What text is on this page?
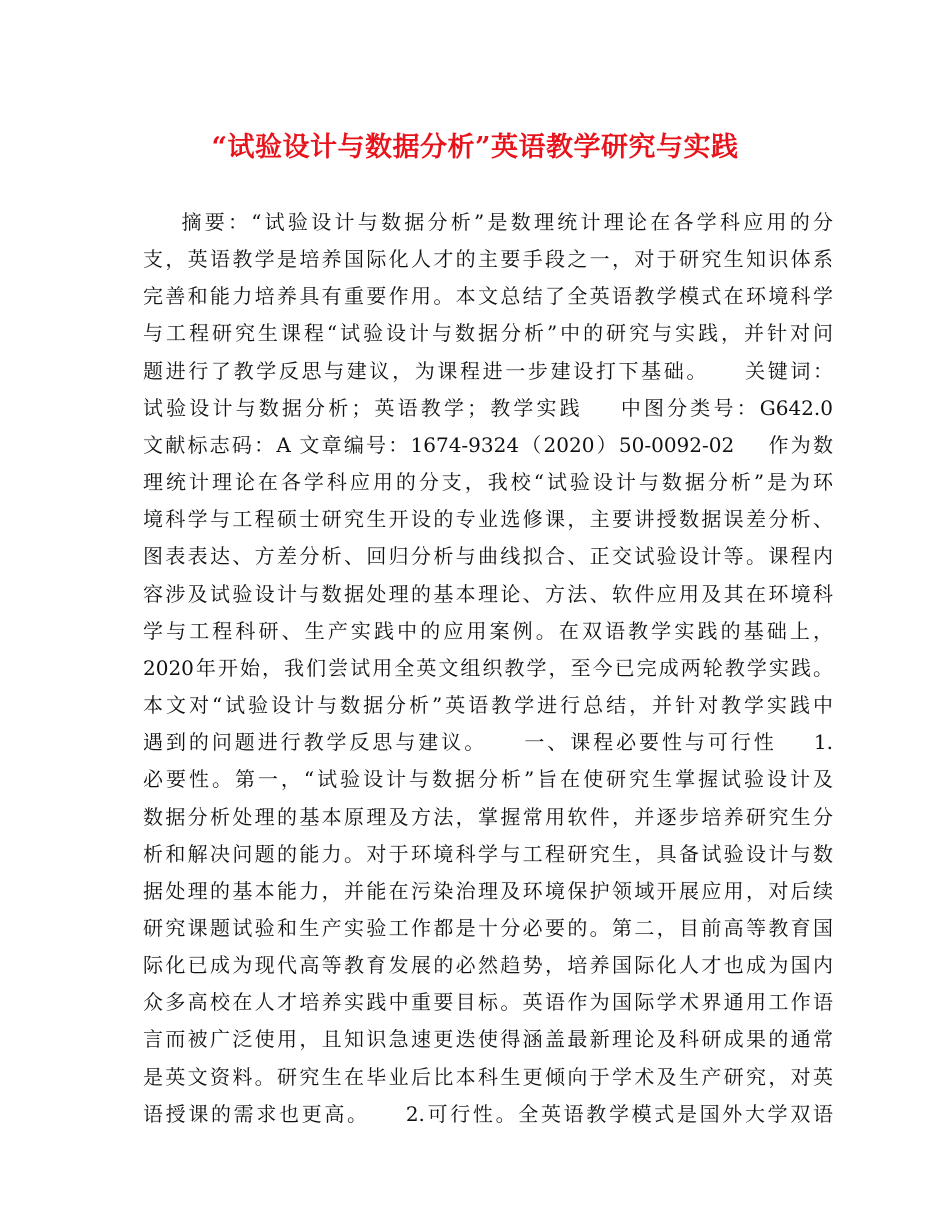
“试验设计与数据分析”英语教学研究与实践
摘要：“试验设计与数据分析”是数理统计理论在各学科应用的分
支，英语教学是培养国际化人才的主要手段之一，对于研究生知识体系
完善和能力培养具有重要作用。本文总结了全英语教学模式在环境科学
与工程研究生课程“试验设计与数据分析”中的研究与实践，并针对问
题进行了教学反思与建议，为课程进一步建设打下基础。    关键词：
试验设计与数据分析；英语教学；教学实践    中图分类号：G642.0
文献标志码：A 文章编号：1674-9324（2020）50-0092-02    作为数
理统计理论在各学科应用的分支，我校“试验设计与数据分析”是为环
境科学与工程硕士研究生开设的专业选修课，主要讲授数据误差分析、
图表表达、方差分析、回归分析与曲线拟合、正交试验设计等。课程内
容涉及试验设计与数据处理的基本理论、方法、软件应用及其在环境科
学与工程科研、生产实践中的应用案例。在双语教学实践的基础上，
2020年开始，我们尝试用全英文组织教学，至今已完成两轮教学实践。
本文对“试验设计与数据分析”英语教学进行总结，并针对教学实践中
遇到的问题进行教学反思与建议。    一、课程必要性与可行性    1.
必要性。第一，“试验设计与数据分析”旨在使研究生掌握试验设计及
数据分析处理的基本原理及方法，掌握常用软件，并逐步培养研究生分
析和解决问题的能力。对于环境科学与工程研究生，具备试验设计与数
据处理的基本能力，并能在污染治理及环境保护领域开展应用，对后续
研究课题试验和生产实验工作都是十分必要的。第二，目前高等教育国
际化已成为现代高等教育发展的必然趋势，培养国际化人才也成为国内
众多高校在人才培养实践中重要目标。英语作为国际学术界通用工作语
言而被广泛使用，且知识急速更迭使得涵盖最新理论及科研成果的通常
是英文资料。研究生在毕业后比本科生更倾向于学术及生产研究，对英
语授课的需求也更高。    2.可行性。全英语教学模式是国外大学双语
